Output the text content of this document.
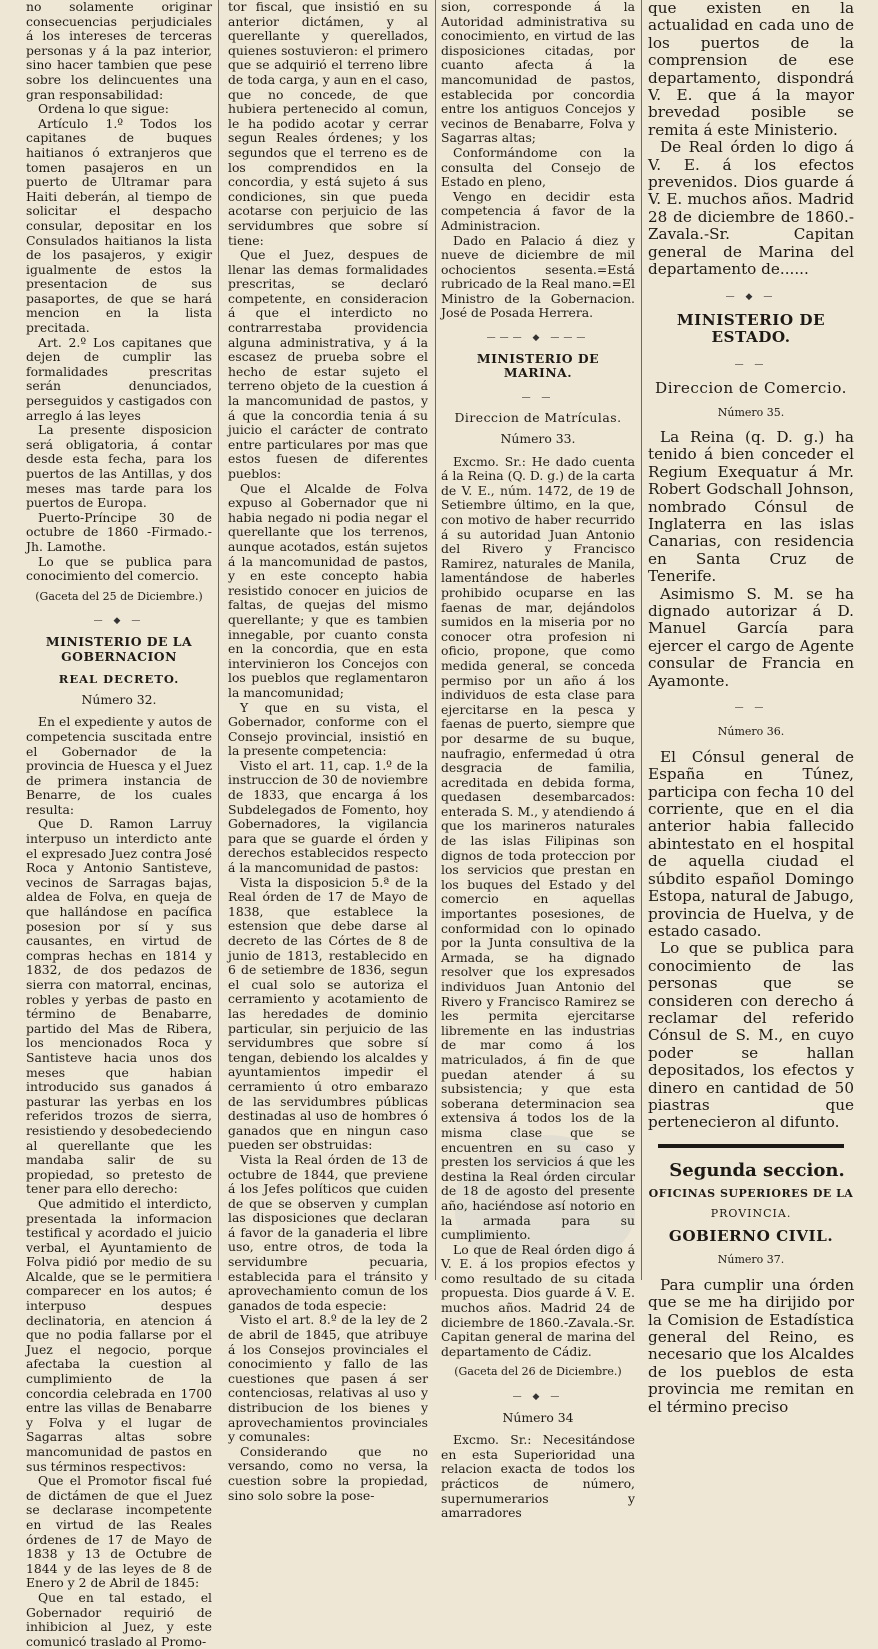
no solamente originar consecuencias perjudiciales á los intereses de terceras personas y á la paz interior, sino hacer tambien que pese sobre los delincuentes una gran responsabilidad:

Ordena lo que sigue:

Artículo 1.º Todos los capitanes de buques haitianos ó extranjeros que tomen pasajeros en un puerto de Ultramar para Haiti deberán, al tiempo de solicitar el despacho consular, depositar en los Consulados haitianos la lista de los pasajeros, y exigir igualmente de estos la presentacion de sus pasaportes, de que se hará mencion en la lista precitada.

Art. 2.º Los capitanes que dejen de cumplir las formalidades prescritas serán denunciados, perseguidos y castigados con arreglo á las leyes

La presente disposicion será obligatoria, á contar desde esta fecha, para los puertos de las Antillas, y dos meses mas tarde para los puertos de Europa.

Puerto-Príncipe 30 de octubre de 1860 -Firmado.-Jh. Lamothe.

Lo que se publica para conocimiento del comercio.

(Gaceta del 25 de Diciembre.)

— ◆ —

MINISTERIO DE LA GOBERNACION

REAL DECRETO.

Número 32.

En el expediente y autos de competencia suscitada entre el Gobernador de la provincia de Huesca y el Juez de primera instancia de Benarre, de los cuales resulta:

Que D. Ramon Larruy interpuso un interdicto ante el expresado Juez contra José Roca y Antonio Santisteve, vecinos de Sarragas bajas, aldea de Folva, en queja de que hallándose en pacífica posesion por sí y sus causantes, en virtud de compras hechas en 1814 y 1832, de dos pedazos de sierra con matorral, encinas, robles y yerbas de pasto en término de Benabarre, partido del Mas de Ribera, los mencionados Roca y Santisteve hacia unos dos meses que habian introducido sus ganados á pasturar las yerbas en los referidos trozos de sierra, resistiendo y desobedeciendo al querellante que les mandaba salir de su propiedad, so pretesto de tener para ello derecho:

Que admitido el interdicto, presentada la informacion testifical y acordado el juicio verbal, el Ayuntamiento de Folva pidió por medio de su Alcalde, que se le permitiera comparecer en los autos; é interpuso despues declinatoria, en atencion á que no podia fallarse por el Juez el negocio, porque afectaba la cuestion al cumplimiento de la concordia celebrada en 1700 entre las villas de Benabarre y Folva y el lugar de Sagarras altas sobre mancomunidad de pastos en sus términos respectivos:

Que el Promotor fiscal fué de dictámen de que el Juez se declarase incompetente en virtud de las Reales órdenes de 17 de Mayo de 1838 y 13 de Octubre de 1844 y de las leyes de 8 de Enero y 2 de Abril de 1845:

Que en tal estado, el Gobernador requirió de inhibicion al Juez, y este comunicó traslado al Promo-

tor fiscal, que insistió en su anterior dictámen, y al querellante y querellados, quienes sostuvieron: el primero que se adquirió el terreno libre de toda carga, y aun en el caso, que no concede, de que hubiera pertenecido al comun, le ha podido acotar y cerrar segun Reales órdenes; y los segundos que el terreno es de los comprendidos en la concordia, y está sujeto á sus condiciones, sin que pueda acotarse con perjuicio de las servidumbres que sobre sí tiene:

Que el Juez, despues de llenar las demas formalidades prescritas, se declaró competente, en consideracion á que el interdicto no contrarrestaba providencia alguna administrativa, y á la escasez de prueba sobre el hecho de estar sujeto el terreno objeto de la cuestion á la mancomunidad de pastos, y á que la concordia tenia á su juicio el carácter de contrato entre particulares por mas que estos fuesen de diferentes pueblos:

Que el Alcalde de Folva expuso al Gobernador que ni habia negado ni podia negar el querellante que los terrenos, aunque acotados, están sujetos á la mancomunidad de pastos, y en este concepto habia resistido conocer en juicios de faltas, de quejas del mismo querellante; y que es tambien innegable, por cuanto consta en la concordia, que en esta intervinieron los Concejos con los pueblos que reglamentaron la mancomunidad;

Y que en su vista, el Gobernador, conforme con el Consejo provincial, insistió en la presente competencia:

Visto el art. 11, cap. 1.º de la instruccion de 30 de noviembre de 1833, que encarga á los Subdelegados de Fomento, hoy Gobernadores, la vigilancia para que se guarde el órden y derechos establecidos respecto á la mancomunidad de pastos:

Vista la disposicion 5.ª de la Real órden de 17 de Mayo de 1838, que establece la estension que debe darse al decreto de las Córtes de 8 de junio de 1813, restablecido en 6 de setiembre de 1836, segun el cual solo se autoriza el cerramiento y acotamiento de las heredades de dominio particular, sin perjuicio de las servidumbres que sobre sí tengan, debiendo los alcaldes y ayuntamientos impedir el cerramiento ú otro embarazo de las servidumbres públicas destinadas al uso de hombres ó ganados que en ningun caso pueden ser obstruidas:

Vista la Real órden de 13 de octubre de 1844, que previene á los Jefes políticos que cuiden de que se observen y cumplan las disposiciones que declaran á favor de la ganaderia el libre uso, entre otros, de toda la servidumbre pecuaria, establecida para el tránsito y aprovechamiento comun de los ganados de toda especie:

Visto el art. 8.º de la ley de 2 de abril de 1845, que atribuye á los Consejos provinciales el conocimiento y fallo de las cuestiones que pasen á ser contenciosas, relativas al uso y distribucion de los bienes y aprovechamientos provinciales y comunales:

Considerando que no versando, como no versa, la cuestion sobre la propiedad, sino solo sobre la pose-

sion, corresponde á la Autoridad administrativa su conocimiento, en virtud de las disposiciones citadas, por cuanto afecta á la mancomunidad de pastos, establecida por concordia entre los antiguos Concejos y vecinos de Benabarre, Folva y Sagarras altas;

Conformándome con la consulta del Consejo de Estado en pleno,

Vengo en decidir esta competencia á favor de la Administracion.

Dado en Palacio á diez y nueve de diciembre de mil ochocientos sesenta.=Está rubricado de la Real mano.=El Ministro de la Gobernacion. José de Posada Herrera.

——— ◆ ———

MINISTERIO DE MARINA.

— —

Direccion de Matrículas.

Número 33.

Excmo. Sr.: He dado cuenta á la Reina (Q. D. g.) de la carta de V. E., núm. 1472, de 19 de Setiembre último, en la que, con motivo de haber recurrido á su autoridad Juan Antonio del Rivero y Francisco Ramirez, naturales de Manila, lamentándose de haberles prohibido ocuparse en las faenas de mar, dejándolos sumidos en la miseria por no conocer otra profesion ni oficio, propone, que como medida general, se conceda permiso por un año á los individuos de esta clase para ejercitarse en la pesca y faenas de puerto, siempre que por desarme de su buque, naufragio, enfermedad ú otra desgracia de familia, acreditada en debida forma, quedasen desembarcados: enterada S. M., y atendiendo á que los marineros naturales de las islas Filipinas son dignos de toda proteccion por los servicios que prestan en los buques del Estado y del comercio en aquellas importantes posesiones, de conformidad con lo opinado por la Junta consultiva de la Armada, se ha dignado resolver que los expresados individuos Juan Antonio del Rivero y Francisco Ramirez se les permita ejercitarse libremente en las industrias de mar como á los matriculados, á fin de que puedan atender á su subsistencia; y que esta soberana determinacion sea extensiva á todos los de la misma clase que se encuentren en su caso y presten los servicios á que les destina la Real órden circular de 18 de agosto del presente año, haciéndose así notorio en la armada para su cumplimiento.

Lo que de Real órden digo á V. E. á los propios efectos y como resultado de su citada propuesta. Dios guarde á V. E. muchos años. Madrid 24 de diciembre de 1860.-Zavala.-Sr. Capitan general de marina del departamento de Cádiz.

(Gaceta del 26 de Diciembre.)

— ◆ —

Número 34

Excmo. Sr.: Necesitándose en esta Superioridad una relacion exacta de todos los prácticos de número, supernumerarios y amarradores

que existen en la actualidad en cada uno de los puertos de la comprension de ese departamento, dispondrá V. E. que á la mayor brevedad posible se remita á este Ministerio.

De Real órden lo digo á V. E. á los efectos prevenidos. Dios guarde á V. E. muchos años. Madrid 28 de diciembre de 1860.-Zavala.-Sr. Capitan general de Marina del departamento de......

— ◆ —

MINISTERIO DE ESTADO.

— —

Direccion de Comercio.

Número 35.

La Reina (q. D. g.) ha tenido á bien conceder el Regium Exequatur á Mr. Robert Godschall Johnson, nombrado Cónsul de Inglaterra en las islas Canarias, con residencia en Santa Cruz de Tenerife.

Asimismo S. M. se ha dignado autorizar á D. Manuel García para ejercer el cargo de Agente consular de Francia en Ayamonte.

— —

Número 36.

El Cónsul general de España en Túnez, participa con fecha 10 del corriente, que en el dia anterior habia fallecido abintestato en el hospital de aquella ciudad el súbdito español Domingo Estopa, natural de Jabugo, provincia de Huelva, y de estado casado.

Lo que se publica para conocimiento de las personas que se consideren con derecho á reclamar del referido Cónsul de S. M., en cuyo poder se hallan depositados, los efectos y dinero en cantidad de 50 piastras que pertenecieron al difunto.

Segunda seccion.

OFICINAS SUPERIORES DE LA

PROVINCIA.

GOBIERNO CIVIL.

Número 37.

Para cumplir una órden que se me ha dirijido por la Comision de Estadística general del Reino, es necesario que los Alcaldes de los pueblos de esta provincia me remitan en el término preciso
